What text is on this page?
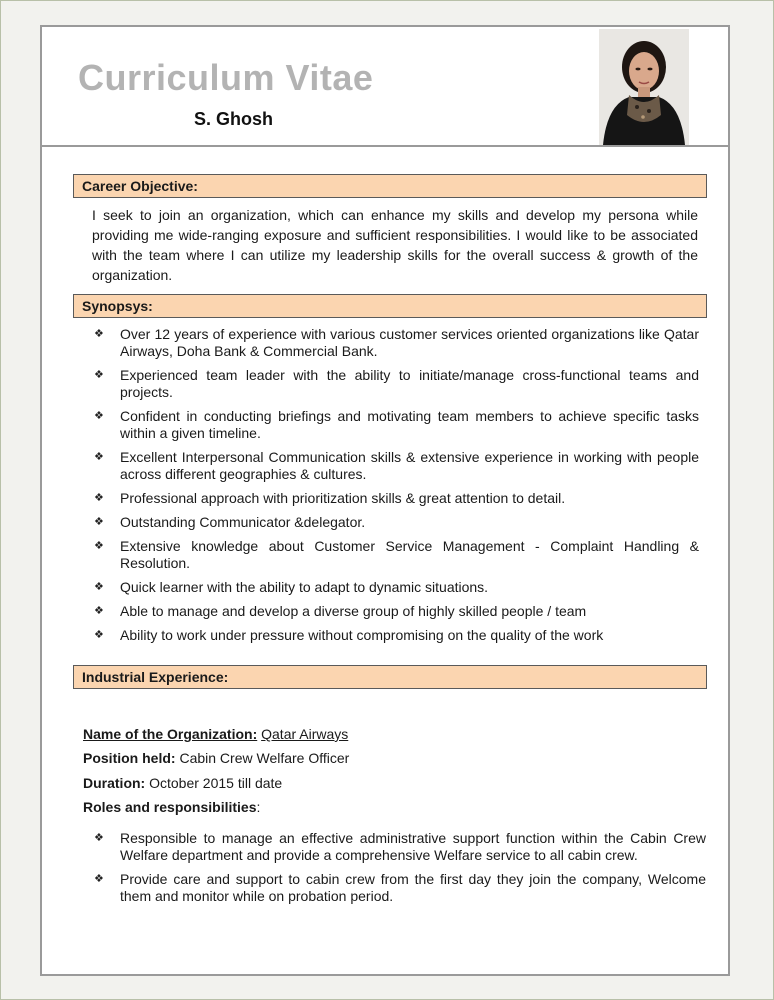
Curriculum Vitae
S. Ghosh
Career Objective:

I seek to join an organization, which can enhance my skills and develop my persona while providing me wide-ranging exposure and sufficient responsibilities. I would like to be associated with the team where I can utilize my leadership skills for the overall success & growth of the organization.

Synopsys:
❖ Over 12 years of experience with various customer services oriented organizations like Qatar Airways, Doha Bank & Commercial Bank.
❖ Experienced team leader with the ability to initiate/manage cross-functional teams and projects.
❖ Confident in conducting briefings and motivating team members to achieve specific tasks within a given timeline.
❖ Excellent Interpersonal Communication skills & extensive experience in working with people across different geographies & cultures.
❖ Professional approach with prioritization skills & great attention to detail.
❖ Outstanding Communicator &delegator.
❖ Extensive knowledge about Customer Service Management - Complaint Handling & Resolution.
❖ Quick learner with the ability to adapt to dynamic situations.
❖ Able to manage and develop a diverse group of highly skilled people / team
❖ Ability to work under pressure without compromising on the quality of the work
Industrial Experience:
Name of the Organization: Qatar Airways
Position held: Cabin Crew Welfare Officer
Duration: October 2015 till date
Roles and responsibilities:
❖ Responsible to manage an effective administrative support function within the Cabin Crew Welfare department and provide a comprehensive Welfare service to all cabin crew.
❖ Provide care and support to cabin crew from the first day they join the company, Welcome them and monitor while on probation period.
